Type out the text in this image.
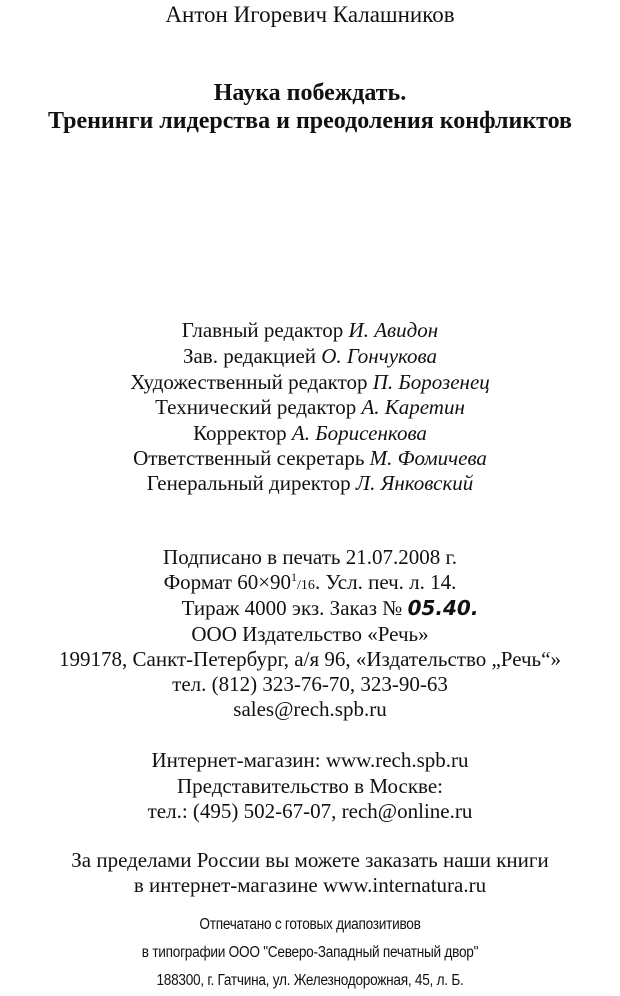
Антон Игоревич Калашников
Наука побеждать.
Тренинги лидерства и преодоления конфликтов
Главный редактор И. Авидон
Зав. редакцией О. Гончукова
Художественный редактор П. Борозенец
Технический редактор А. Каретин
Корректор А. Борисенкова
Ответственный секретарь М. Фомичева
Генеральный директор Л. Янковский
Подписано в печать 21.07.2008 г.
Формат $60\times 90^1/16$. Усл. печ. л. 14.
Тираж 4000 экз. Заказ № 05.40.
ООО Издательство «Речь»
199178, Санкт-Петербург, а/я 96, «Издательство „Речь“»
тел. (812) 323-76-70, 323-90-63
sales@rech.spb.ru
Интернет-магазин: www.rech.spb.ru
Представительство в Москве:
тел.: (495) 502-67-07, rech@online.ru
За пределами России вы можете заказать наши книги
в интернет-магазине www.internatura.ru
Отпечатано с готовых диапозитивов
в типографии ООО "Северо-Западный печатный двор"
188300, г. Гатчина, ул. Железнодорожная, 45, л. Б.
